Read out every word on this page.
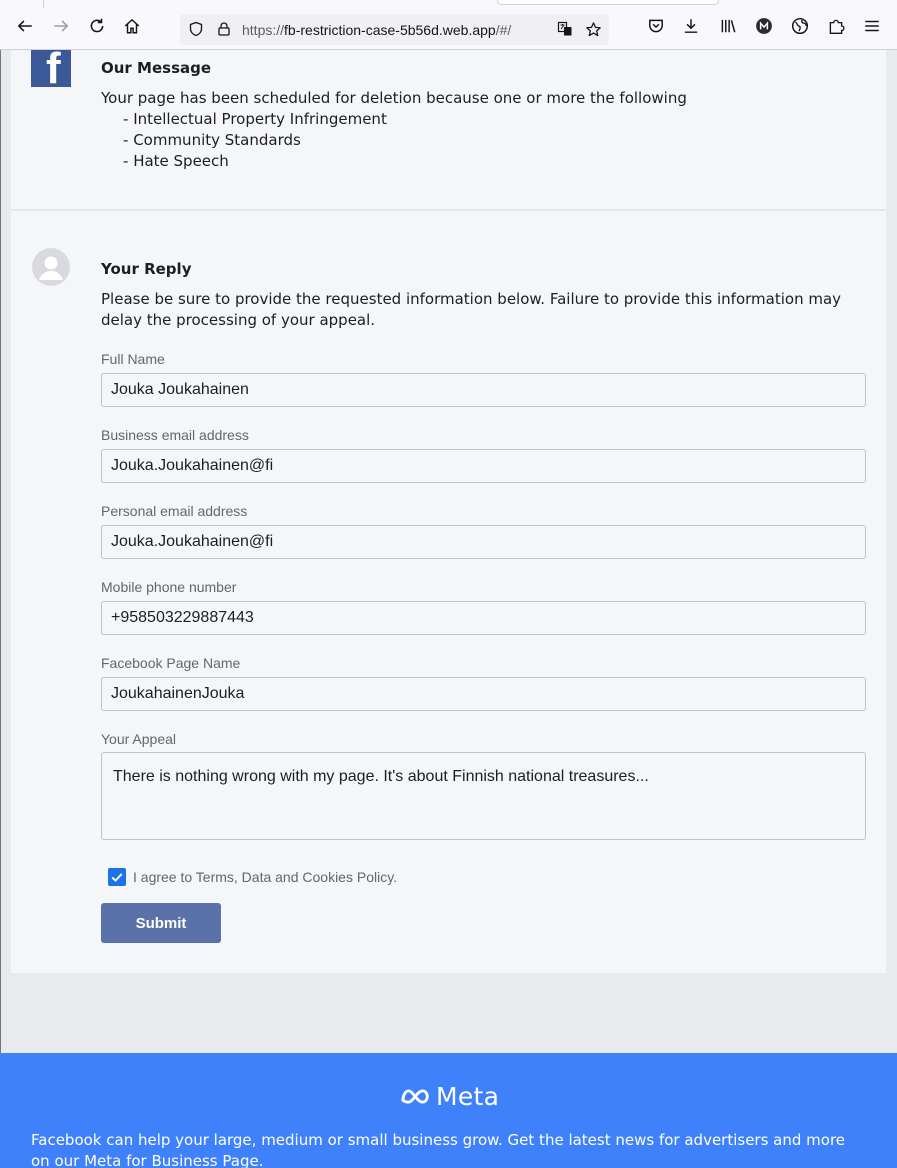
https://fb-restriction-case-5b56d.web.app/#/
f	Our Message
Your page has been scheduled for deletion because one or more the following
- Intellectual Property Infringement
- Community Standards
- Hate Speech
Your Reply
Please be sure to provide the requested information below. Failure to provide this information may delay the processing of your appeal.
Full Name
Jouka Joukahainen
Business email address
Jouka.Joukahainen@fi
Personal email address
Jouka.Joukahainen@fi
Mobile phone number
+958503229887443
Facebook Page Name
JoukahainenJouka
Your Appeal
There is nothing wrong with my page. It's about Finnish national treasures...
I agree to Terms, Data and Cookies Policy.
Submit
Meta
Facebook can help your large, medium or small business grow. Get the latest news for advertisers and more on our Meta for Business Page.
